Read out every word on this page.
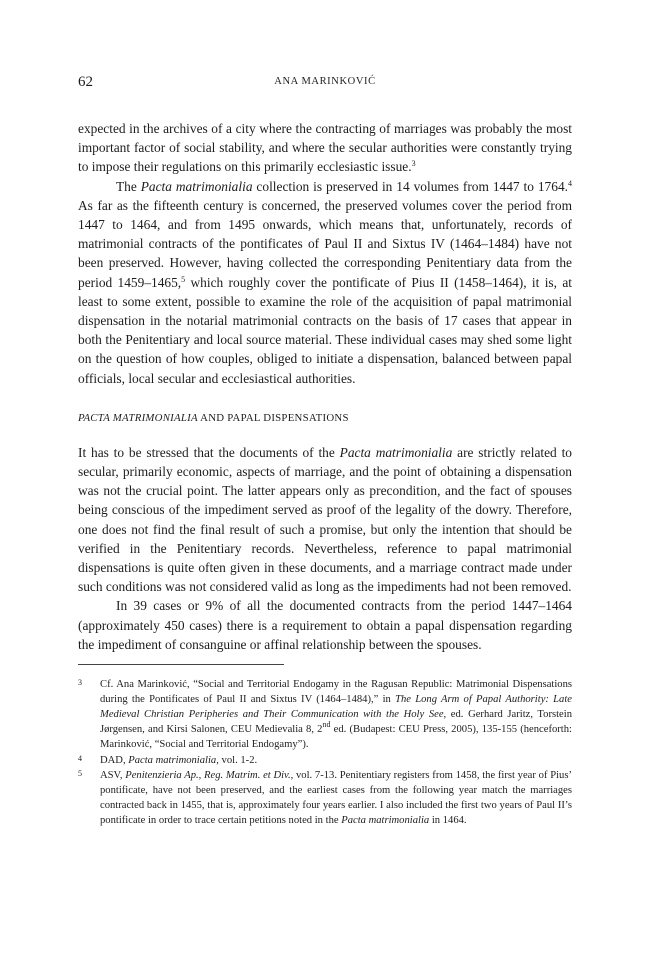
62	ANA MARINKOVIĆ

expected in the archives of a city where the contracting of marriages was probably the most important factor of social stability, and where the secular authorities were constantly trying to impose their regulations on this primarily ecclesiastic issue.$^3$

The Pacta matrimonialia collection is preserved in 14 volumes from 1447 to 1764.$^4$ As far as the fifteenth century is concerned, the preserved volumes cover the period from 1447 to 1464, and from 1495 onwards, which means that, unfortunately, records of matrimonial contracts of the pontificates of Paul II and Sixtus IV (1464–1484) have not been preserved. However, having collected the corresponding Penitentiary data from the period 1459–1465,$^5$ which roughly cover the pontificate of Pius II (1458–1464), it is, at least to some extent, possible to examine the role of the acquisition of papal matrimonial dispensation in the notarial matrimonial contracts on the basis of 17 cases that appear in both the Penitentiary and local source material. These individual cases may shed some light on the question of how couples, obliged to initiate a dispensation, balanced between papal officials, local secular and ecclesiastical authorities.

PACTA MATRIMONIALIA AND PAPAL DISPENSATIONS

It has to be stressed that the documents of the Pacta matrimonialia are strictly related to secular, primarily economic, aspects of marriage, and the point of obtaining a dispensation was not the crucial point. The latter appears only as precondition, and the fact of spouses being conscious of the impediment served as proof of the legality of the dowry. Therefore, one does not find the final result of such a promise, but only the intention that should be verified in the Penitentiary records. Nevertheless, reference to papal matrimonial dispensations is quite often given in these documents, and a marriage contract made under such conditions was not considered valid as long as the impediments had not been removed.

In 39 cases or 9% of all the documented contracts from the period 1447–1464 (approximately 450 cases) there is a requirement to obtain a papal dispensation regarding the impediment of consanguine or affinal relationship between the spouses.

3	Cf. Ana Marinković, “Social and Territorial Endogamy in the Ragusan Republic: Matrimonial Dispensations during the Pontificates of Paul II and Sixtus IV (1464–1484),” in The Long Arm of Papal Authority: Late Medieval Christian Peripheries and Their Communication with the Holy See, ed. Gerhard Jaritz, Torstein Jørgensen, and Kirsi Salonen, CEU Medievalia 8, 2nd ed. (Budapest: CEU Press, 2005), 135-155 (henceforth: Marinković, “Social and Territorial Endogamy”).
4	DAD, Pacta matrimonialia, vol. 1-2.
5	ASV, Penitenzieria Ap., Reg. Matrim. et Div., vol. 7-13. Penitentiary registers from 1458, the first year of Pius’ pontificate, have not been preserved, and the earliest cases from the following year match the marriages contracted back in 1455, that is, approximately four years earlier. I also included the first two years of Paul II’s pontificate in order to trace certain petitions noted in the Pacta matrimonialia in 1464.
